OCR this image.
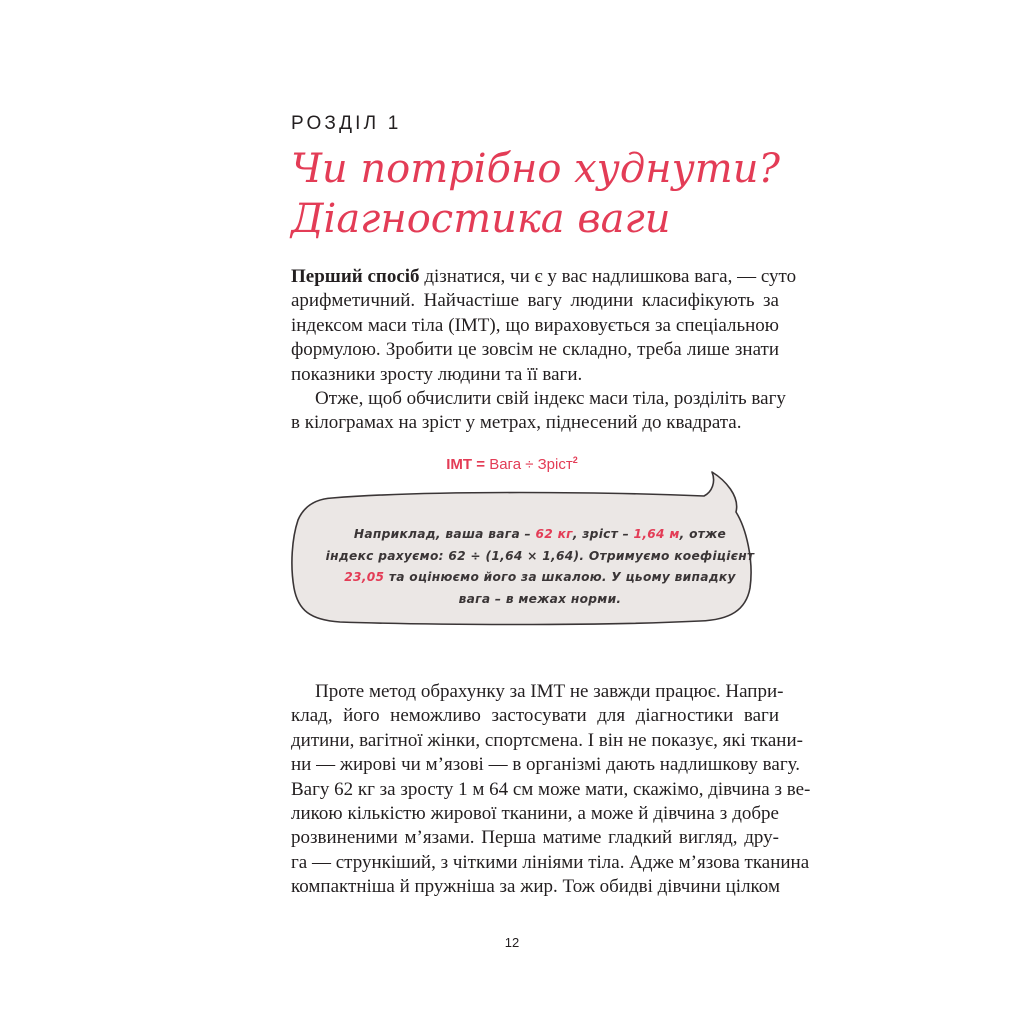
РОЗДІЛ 1
Чи потрібно худнути?
Діагностика ваги
Перший спосіб дізнатися, чи є у вас надлишкова вага, — суто
арифметичний. Найчастіше вагу людини класифікують за
індексом маси тіла (ІМТ), що вираховується за спеціальною
формулою. Зробити це зовсім не складно, треба лише знати
показники зросту людини та її ваги.
Отже, щоб обчислити свій індекс маси тіла, розділіть вагу
в кілограмах на зріст у метрах, піднесений до квадрата.
ІМТ = Вага ÷ Зріст$^2$
Наприклад, ваша вага – 62 кг, зріст – 1,64 м, отже
індекс рахуємо: 62 ÷ (1,64 × 1,64). Отримуємо коефіцієнт
23,05 та оцінюємо його за шкалою. У цьому випадку
вага – в межах норми.
Проте метод обрахунку за ІМТ не завжди працює. Напри-
клад, його неможливо застосувати для діагностики ваги
дитини, вагітної жінки, спортсмена. І він не показує, які ткани-
ни — жирові чи м’язові — в організмі дають надлишкову вагу.
Вагу 62 кг за зросту 1 м 64 см може мати, скажімо, дівчина з ве-
ликою кількістю жирової тканини, а може й дівчина з добре
розвиненими м’язами. Перша матиме гладкий вигляд, дру-
га — стрункіший, з чіткими лініями тіла. Адже м’язова тканина
компактніша й пружніша за жир. Тож обидві дівчини цілком
12
